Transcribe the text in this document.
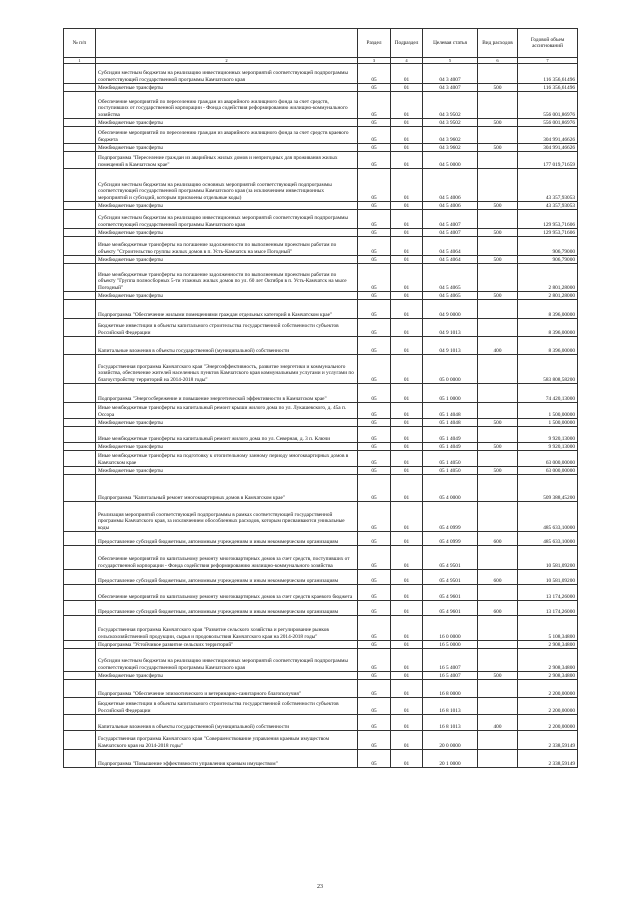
№ п/п		Раздел	Подраздел	Целевая статья	Вид расходов	Годовой объем ассигнований
1	2	3	4	5	6	7
	Субсидии местным бюджетам на реализацию инвестиционных мероприятий соответствующей подпрограммы соответствующей государственной программы Камчатского края	05	01	04 3 4007		116 356,61496
	Межбюджетные трансферты	05	01	04 3 4007	500	116 356,61496
	Обеспечение мероприятий по переселению граждан из аварийного жилищного фонда за счет средств, поступивших от государственной корпорации - Фонда содействия реформированию жилищно-коммунального хозяйства	05	01	04 3 9502		556 001,86976
	Межбюджетные трансферты	05	01	04 3 9502	500	556 001,86976
	Обеспечение мероприятий по переселению граждан из аварийного жилищного фонда за счет средств краевого бюджета	05	01	04 3 9602		304 991,46626
	Межбюджетные трансферты	05	01	04 3 9602	500	304 991,46626
	Подпрограмма "Переселение граждан из аварийных жилых домов и непригодных для проживания жилых помещений в Камчатском крае"	05	01	04 5 0000		177 019,71659
	Субсидии местным бюджетам на реализацию основных мероприятий соответствующей подпрограммы соответствующей государственной программы Камчатского края (за исключением инвестиционных мероприятий и субсидий, которым присвоены отдельные коды)	05	01	04 5 4006		43 357,93053
	Межбюджетные трансферты	05	01	04 5 4006	500	43 357,93053
	Субсидии местным бюджетам на реализацию инвестиционных мероприятий соответствующей подпрограммы соответствующей государственной программы Камчатского края	05	01	04 5 4007		129 953,71606
	Межбюджетные трансферты	05	01	04 5 4007	500	129 953,71606
	Иные межбюджетные трансферты на погашение задолженности по выполненным проектным работам по объекту "Строительство группы жилых домов в п. Усть-Камчатск на мысе Погодный"	05	01	04 5 4064		906,79000
	Межбюджетные трансферты	05	01	04 5 4064	500	906,79000
	Иные межбюджетные трансферты на погашение задолженности по выполненным проектным работам по объекту "Группа полносборных 5-ти этажных жилых домов по ул. 60 лет Октября в п. Усть-Камчатск на мысе Погодный"	05	01	04 5 4065		2 801,28000
	Межбюджетные трансферты	05	01	04 5 4065	500	2 801,28000
	Подпрограмма "Обеспечение жилыми помещениями граждан отдельных категорий в Камчатском крае"	05	01	04 9 0000		8 396,00000
	Бюджетные инвестиции в объекты капитального строительства государственной собственности субъектов Российской Федерации	05	01	04 9 1013		8 396,00000
	Капитальные вложения в объекты государственной (муниципальной) собственности	05	01	04 9 1013	400	8 396,00000
	Государственная программа Камчатского края "Энергоэффективность, развитие энергетики и коммунального хозяйства, обеспечение жителей населенных пунктов Камчатского края коммунальными услугами и услугами по благоустройству территорий на 2014-2018 годы"	05	01	05 0 0000		583 808,58200
	Подпрограмма "Энергосбережение и повышение энергетической эффективности в Камчатском крае"	05	01	05 1 0000		74 420,13000
	Иные межбюджетные трансферты на капитальный ремонт крыши жилого дома по ул. Лукашевского, д. 45а п. Оссора	05	01	05 1 4048		1 500,00000
	Межбюджетные трансферты	05	01	05 1 4048	500	1 500,00000
	Иные межбюджетные трансферты на капитальный ремонт жилого дома по ул. Северная, д. 3 п. Ключи	05	01	05 1 4049		9 920,13000
	Межбюджетные трансферты	05	01	05 1 4049	500	9 920,13000
	Иные межбюджетные трансферты на подготовку к отопительному занному периоду многоквартирных домов в Камчатском крае	05	01	05 1 4050		63 000,00000
	Межбюджетные трансферты	05	01	05 1 4050	500	63 000,00000
	Подпрограмма "Капитальный ремонт многоквартирных домов в Камчатском крае"	05	01	05 4 0000		509 388,45200
	Реализация мероприятий соответствующей подпрограммы в рамках соответствующей государственной программы Камчатского края, за исключением обособленных расходов, которым присваиваются уникальные коды	05	01	05 4 0999		485 633,10000
	Предоставление субсидий бюджетным, автономным учреждениям и иным некоммерческим организациям	05	01	05 4 0999	600	485 633,10000
	Обеспечение мероприятий по капитальному ремонту многоквартирных домов за счет средств, поступивших от государственной корпорации - Фонда содействия реформированию жилищно-коммунального хозяйства	05	01	05 4 9501		10 581,09200
	Предоставление субсидий бюджетным, автономным учреждениям и иным некоммерческим организациям	05	01	05 4 9501	600	10 581,09200
	Обеспечение мероприятий по капитальному ремонту многоквартирных домов за счет средств краевого бюджета	05	01	05 4 9601		13 174,26000
	Предоставление субсидий бюджетным, автономным учреждениям и иным некоммерческим организациям	05	01	05 4 9601	600	13 174,26000
	Государственная программа Камчатского края "Развитие сельского хозяйства и регулирование рынков сельскохозяйственной продукции, сырья и продовольствия Камчатского края на 2014-2018 годы"	05	01	16 0 0000		5 108,34800
	Подпрограмма "Устойчивое развитие сельских территорий"	05	01	16 5 0000		2 908,34800
	Субсидии местным бюджетам на реализацию инвестиционных мероприятий соответствующей подпрограммы соответствующей государственной программы Камчатского края	05	01	16 5 4007		2 908,34800
	Межбюджетные трансферты	05	01	16 5 4007	500	2 908,34800
	Подпрограмма "Обеспечение эпизоотического и ветеринарно-санитарного благополучия"	05	01	16 8 0000		2 200,00000
	Бюджетные инвестиции в объекты капитального строительства государственной собственности субъектов Российской Федерации	05	01	16 8 1013		2 200,00000
	Капитальные вложения в объекты государственной (муниципальной) собственности	05	01	16 8 1013	400	2 200,00000
	Государственная программа Камчатского края "Совершенствование управления краевым имуществом Камчатского края на 2014-2018 годы"	05	01	20 0 0000		2 338,59149
	Подпрограмма "Повышение эффективности управления краевым имуществом"	05	01	20 1 0000		2 338,59149
23
